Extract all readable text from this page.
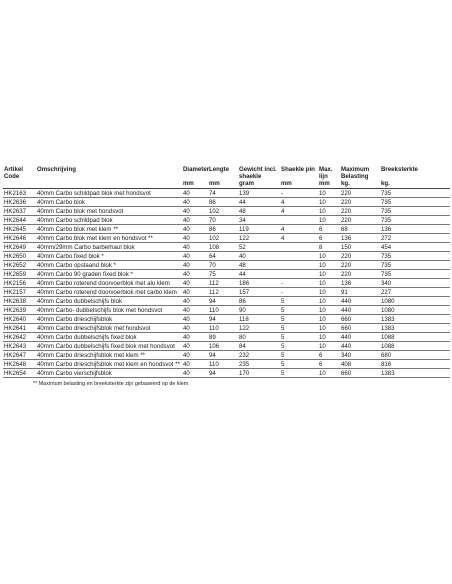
Artikel Code	Omschrijving	Diameter	Lengte	Gewicht incl. shaekle	Shaekle pin	Max. lijn	Maximum Belasting	Breeksterkte
		mm	mm	gram	mm	mm	kg.	kg.
HK2163	40mm Carbo schildpad blok met hondsvot	40	74	139	-	10	220	735
HK2636	40mm Carbo blok	40	86	44	4	10	220	735
HK2637	40mm Carbo blok met hondsvot	40	102	48	4	10	220	735
HK2644	40mm Carbo schildpad blok	40	70	34		10	220	735
HK2645	40mm Carbo blok met klem **	40	86	119	4	6	68	136
HK2646	40mm Carbo blok met klem en hondsvot **	40	102	122	4	6	136	272
HK2649	40mm/29mm Carbo barberhaul blok	40	108	52		8	150	454
HK2650	40mm Carbo fixed blok *	40	64	40		10	220	735
HK2652	40mm Carbo opstaand blok *	40	70	48		10	220	735
HK2659	40mm Carbo 90 graden fixed blok *	40	75	44		10	220	735
HK2156	40mm Carbo roterend doorvoerblok met alu klem	40	112	186	-	10	136	340
HK2157	40mm Carbo roterend doorvoerblok met carbo klem	40	112	157	-	10	91	227
HK2638	40mm Carbo dubbelschijfs blok	40	94	86	5	10	440	1080
HK2639	40mm Carbo- dubbelschijfs blok met hondsvot	40	110	90	5	10	440	1080
HK2640	40mm Carbo drieschijfsblok	40	94	118	5	10	660	1383
HK2641	40mm Carbo drieschijfsblok met hondsvot	40	110	122	5	10	660	1383
HK2642	40mm Carbo dubbelschijfs fixed blok	40	89	80	5	10	440	1088
HK2643	40mm Carbo dubbelschijfs fixed blok met hondsvot	40	106	84	5	10	440	1088
HK2647	40mm Carbo drieschijfsblok met klem **	40	94	232	5	6	340	680
HK2648	40mm Carbo drieschijfsblok met klem en hondsvot **	40	110	235	5	6	408	816
HK2654	40mm Carbo vierschijfsblok	40	94	170	5	10	660	1383
** Maximum belasting en breeksterkte zijn gebaseerd op de klem
